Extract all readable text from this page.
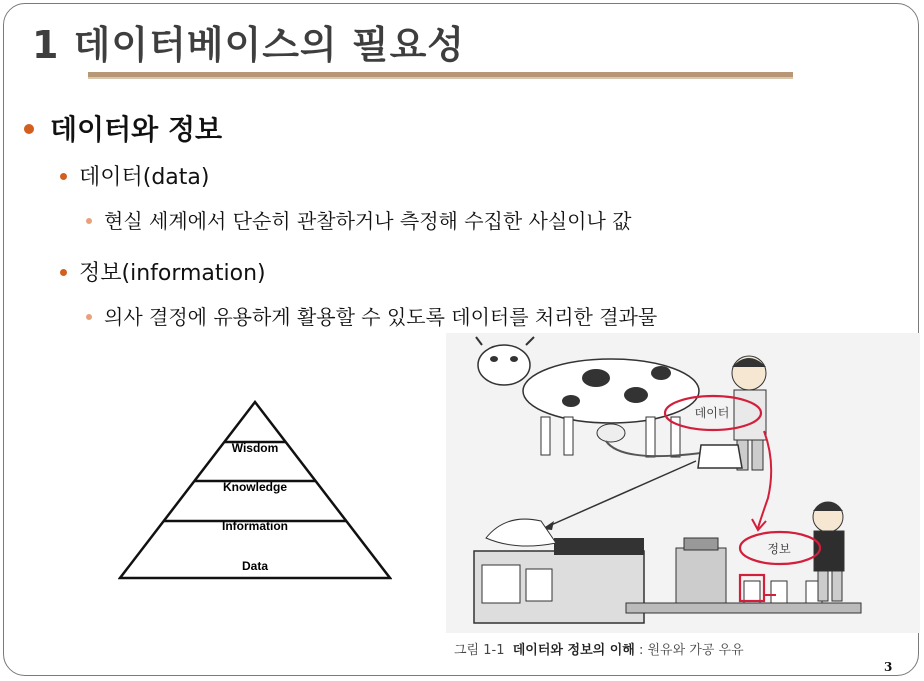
1 데이터베이스의 필요성
데이터와 정보
데이터(data)
현실 세계에서 단순히 관찰하거나 측정해 수집한 사실이나 값
정보(information)
의사 결정에 유용하게 활용할 수 있도록 데이터를 처리한 결과물
Wisdom
Knowledge
Information
Data
데이터
정보
그림 1-1 데이터와 정보의 이해 : 원유와 가공 우유
3
